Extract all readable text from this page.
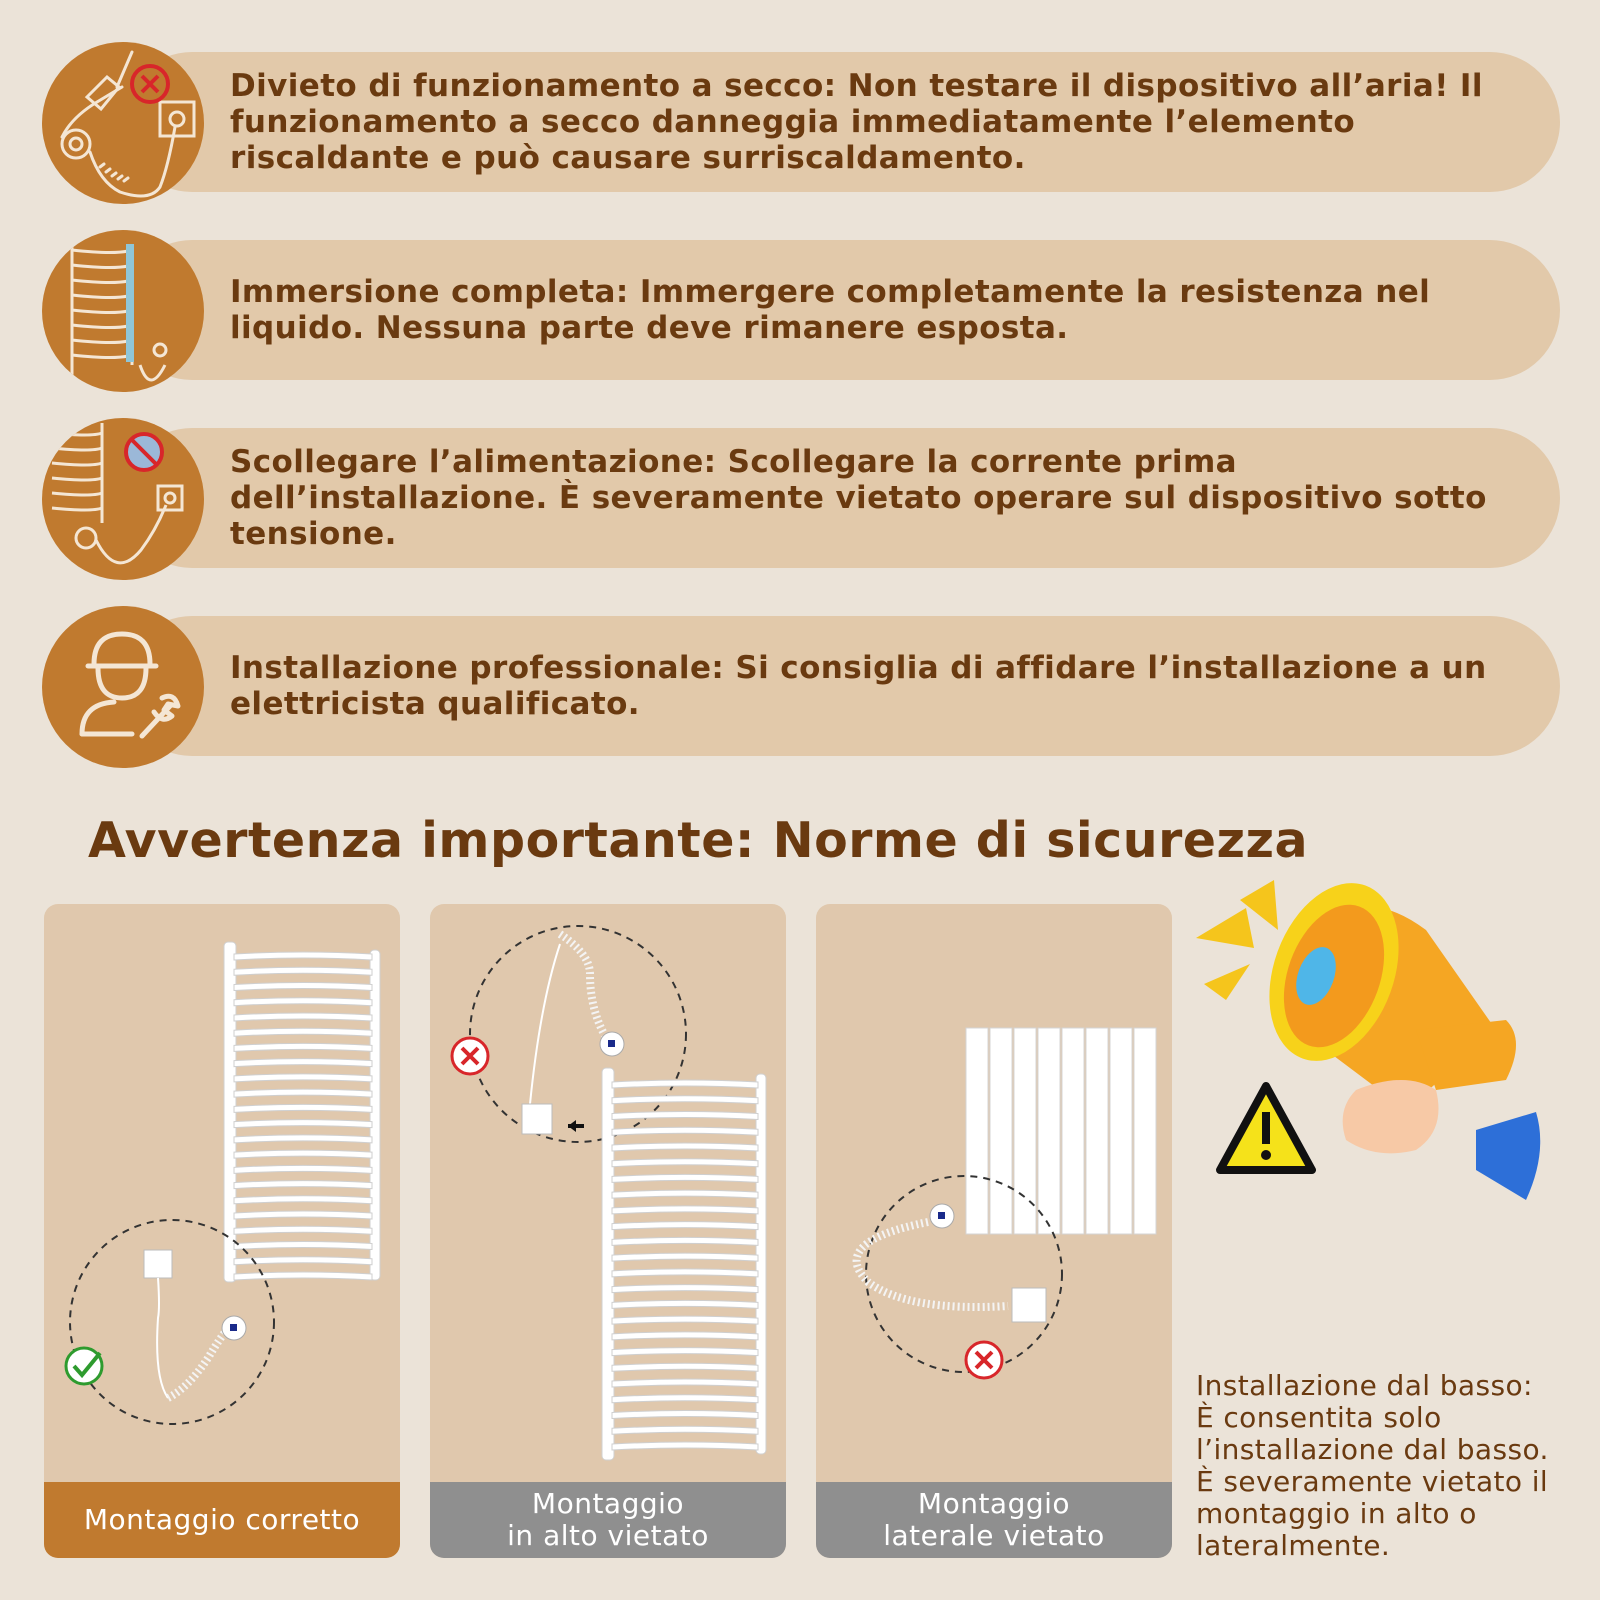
Divieto di funzionamento a secco: Non testare il dispositivo all’aria! Il funzionamento a secco danneggia immediatamente l’elemento riscaldante e può causare surriscaldamento.
Immersione completa: Immergere completamente la resistenza nel liquido. Nessuna parte deve rimanere esposta.
Scollegare l’alimentazione: Scollegare la corrente prima dell’installazione. È severamente vietato operare sul dispositivo sotto tensione.
Installazione professionale: Si consiglia di affidare l’installazione a un elettricista qualificato.
Avvertenza importante: Norme di sicurezza
Montaggio corretto	Montaggio
in alto vietato
Montaggio
laterale vietato
Installazione dal basso:
È consentita solo
l’installazione dal basso.
È severamente vietato il
montaggio in alto o
lateralmente.
